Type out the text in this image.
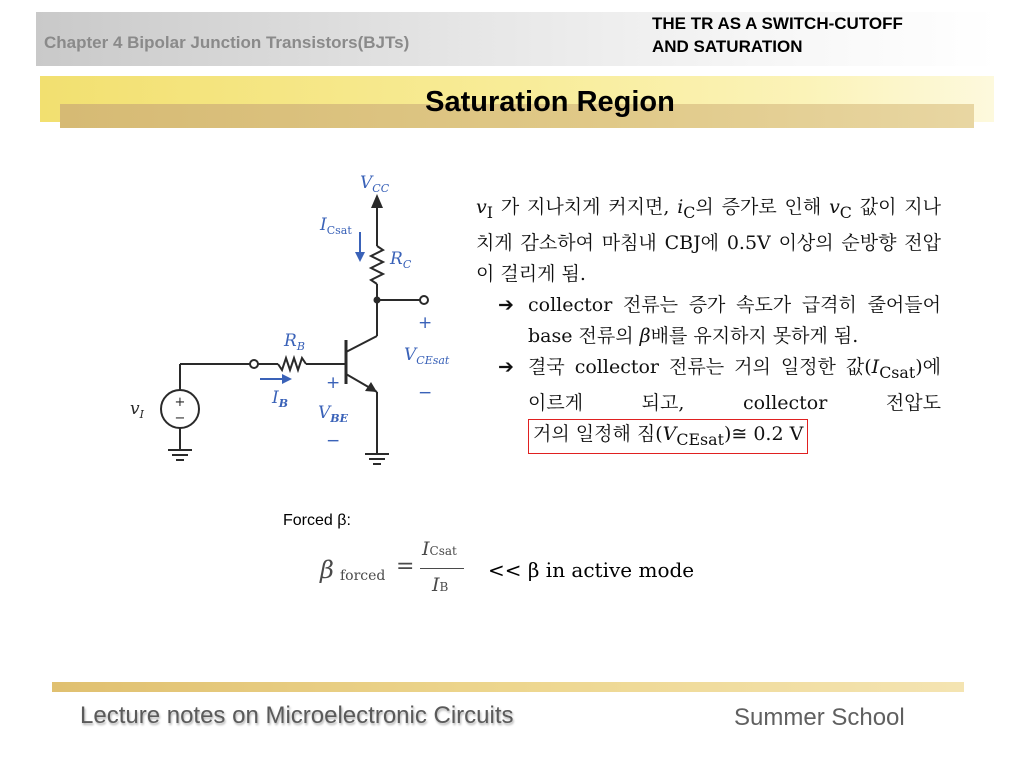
Chapter 4 Bipolar Junction Transistors(BJTs)
THE TR AS A SWITCH-CUTOFF
AND SATURATION
Saturation Region
+
−
$V_{CC}$
$I_{Csat}$
$R_C$
$R_B$
$I_B$ $V_{BE}$
$V_{CEsat}$
$v_I$
+
−
+
−
$v_I$ 가 지나치게 커지면, $i_C$의 증가로 인해 $v_C$ 값이 지나치게 감소하여 마침내 CBJ에 0.5V 이상의 순방향 전압이 걸리게 됨.
➔ collector 전류는 증가 속도가 급격히 줄어들어 base 전류의 β배를 유지하지 못하게 됨.
➔ 결국 collector 전류는 거의 일정한 값$(I_{Csat})$에 이르게 되고, collector 전압도 거의 일정해 짐$(V_{CEsat})≅$ 0.2 V
Forced β:
β forced =
ICsat
IB
<< β in active mode
Lecture notes on Microelectronic Circuits	Summer School
